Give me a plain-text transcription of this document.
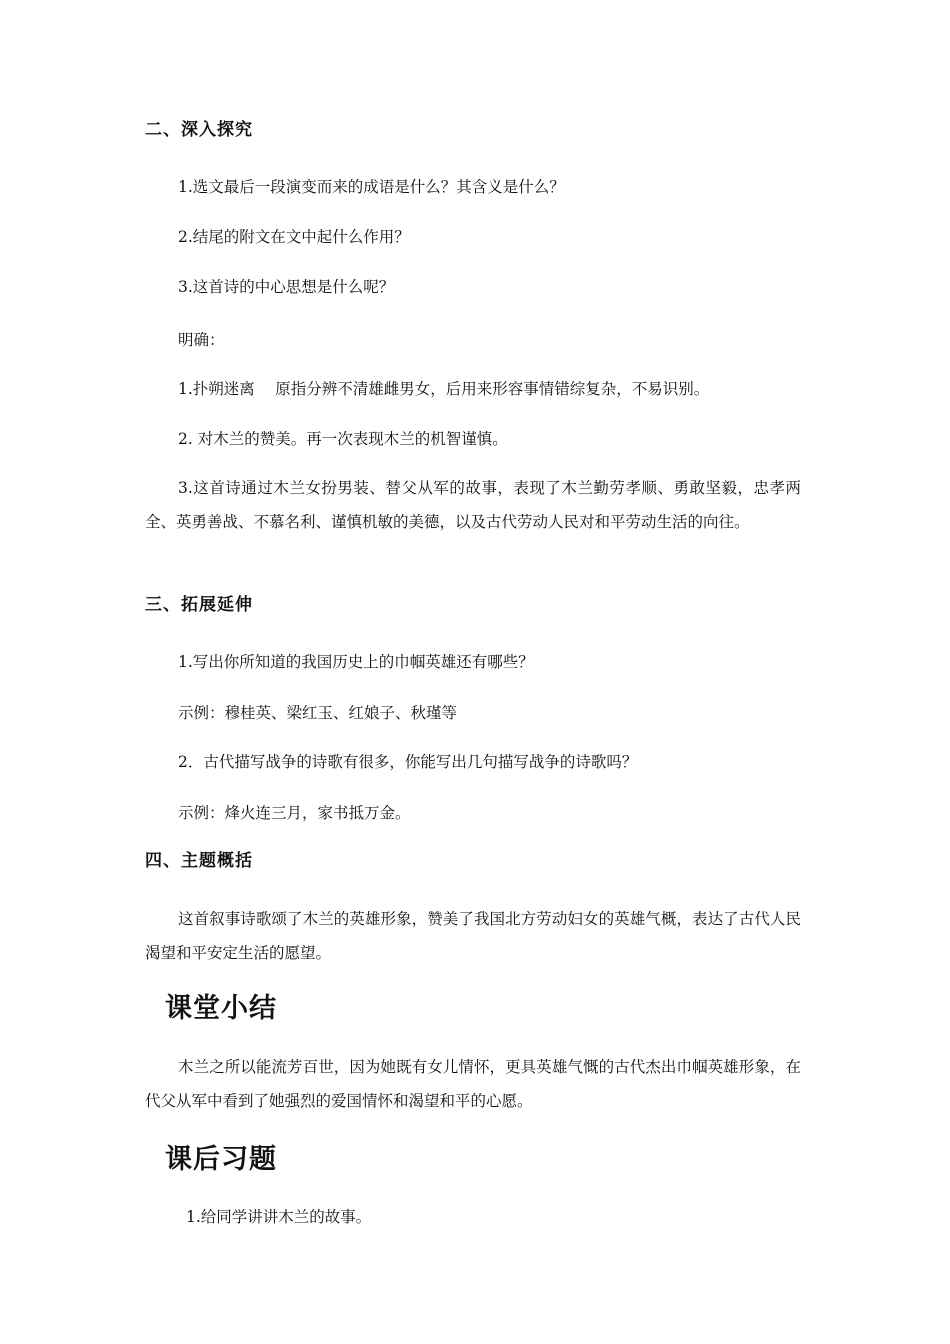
二、深入探究
1.选文最后一段演变而来的成语是什么？其含义是什么？
2.结尾的附文在文中起什么作用？
3.这首诗的中心思想是什么呢？
明确：
1.扑朔迷离　 原指分辨不清雄雌男女，后用来形容事情错综复杂，不易识别。
2. 对木兰的赞美。再一次表现木兰的机智谨慎。
3.这首诗通过木兰女扮男装、替父从军的故事，表现了木兰勤劳孝顺、勇敢坚毅，忠孝两全、英勇善战、不慕名利、谨慎机敏的美德，以及古代劳动人民对和平劳动生活的向往。
三、拓展延伸
1.写出你所知道的我国历史上的巾帼英雄还有哪些？
示例：穆桂英、梁红玉、红娘子、秋瑾等
2．古代描写战争的诗歌有很多，你能写出几句描写战争的诗歌吗？
示例：烽火连三月，家书抵万金。
四、主题概括
这首叙事诗歌颂了木兰的英雄形象，赞美了我国北方劳动妇女的英雄气概，表达了古代人民渴望和平安定生活的愿望。
课堂小结
木兰之所以能流芳百世，因为她既有女儿情怀，更具英雄气慨的古代杰出巾帼英雄形象，在代父从军中看到了她强烈的爱国情怀和渴望和平的心愿。
课后习题
1.给同学讲讲木兰的故事。
